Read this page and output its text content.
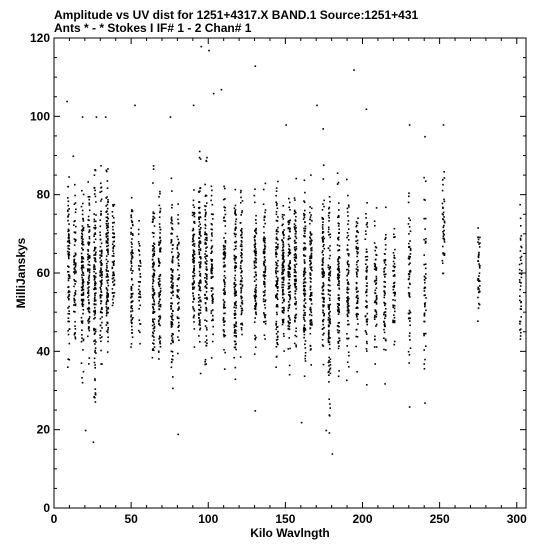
Amplitude vs UV dist for 1251+4317.X BAND.1 Source:1251+431
Ants * - * Stokes I IF# 1 - 2 Chan# 1
0
20
40
60
80
100
120
0	50	100	150	200	250	300
Kilo Wavlngth
MilliJanskys
